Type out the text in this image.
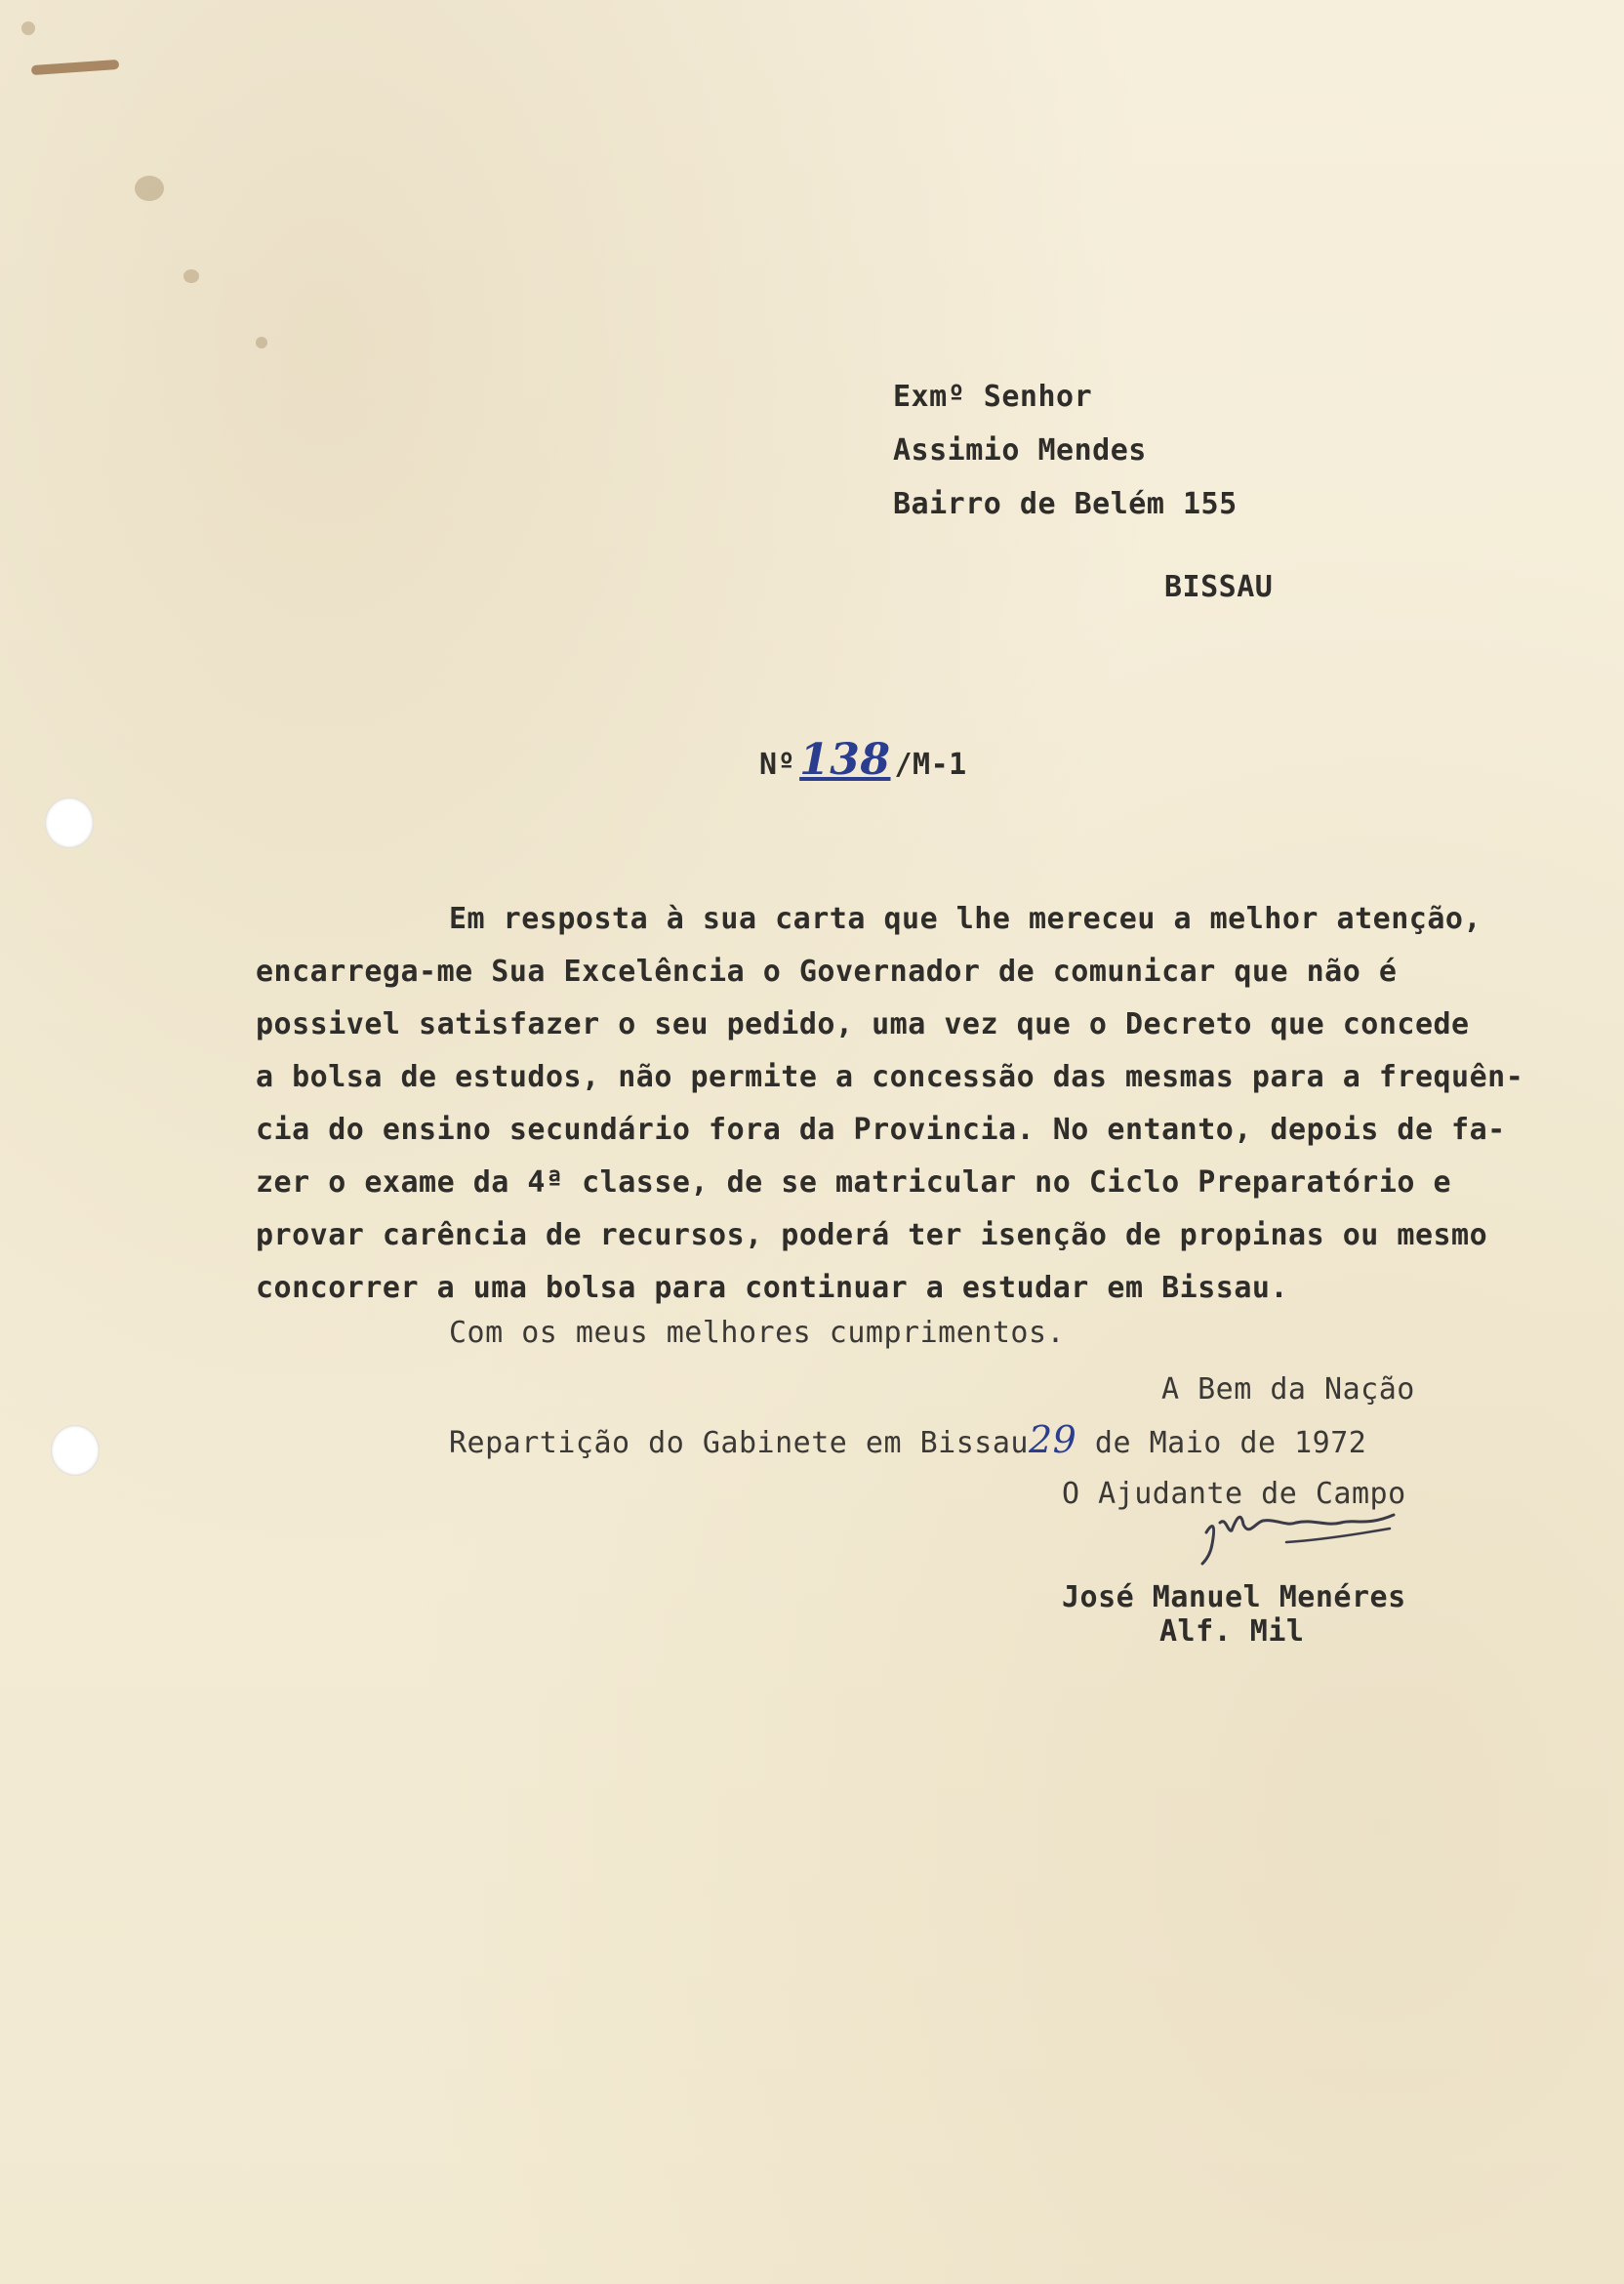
Exmº Senhor
Assimio Mendes
Bairro de Belém 155
BISSAU
Nº138 /M-1
Em resposta à sua carta que lhe mereceu a melhor atenção,
encarrega-me Sua Excelência o Governador de comunicar que não é
possivel satisfazer o seu pedido, uma vez que o Decreto que concede
a bolsa de estudos, não permite a concessão das mesmas para a frequên-
cia do ensino secundário fora da Provincia. No entanto, depois de fa-
zer o exame da 4ª classe, de se matricular no Ciclo Preparatório e
provar carência de recursos, poderá ter isenção de propinas ou mesmo
concorrer a uma bolsa para continuar a estudar em Bissau.
Com os meus melhores cumprimentos.
A Bem da Nação
Repartição do Gabinete em Bissau29 de Maio de 1972
O Ajudante de Campo
José Manuel Menéres
Alf. Mil
